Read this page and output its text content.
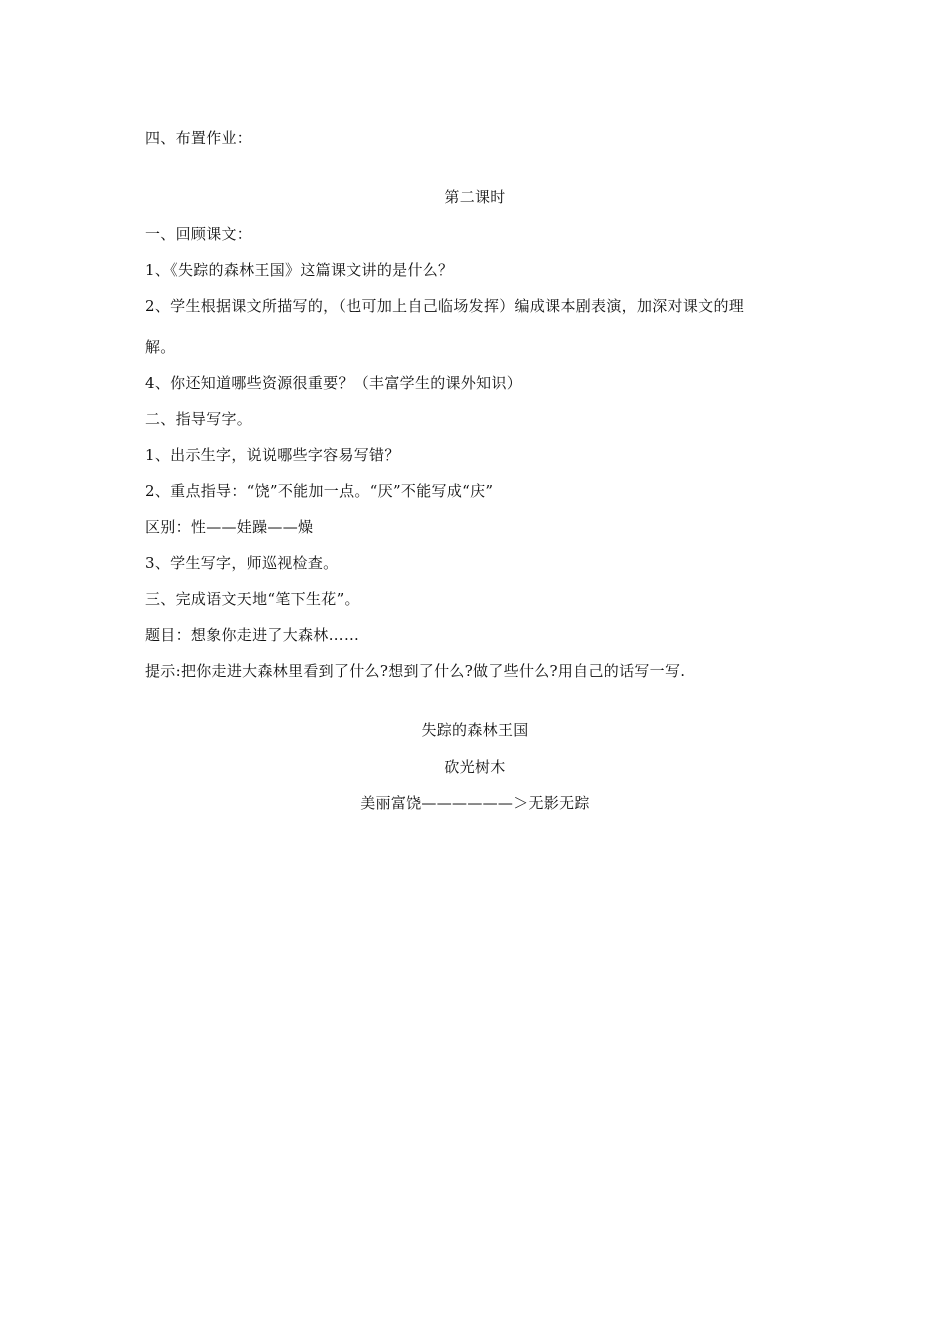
四、布置作业：
第二课时
一、回顾课文：
1、《失踪的森林王国》这篇课文讲的是什么？
2、学生根据课文所描写的，（也可加上自己临场发挥）编成课本剧表演，加深对课文的理
解。
4、你还知道哪些资源很重要？（丰富学生的课外知识）
二、指导写字。
1、出示生字，说说哪些字容易写错？
2、重点指导：“饶”不能加一点。“厌”不能写成“庆”
区别：性——娃躁——燥
3、学生写字，师巡视检查。
三、完成语文天地“笔下生花”。
题目：想象你走进了大森林……
提示:把你走进大森林里看到了什么?想到了什么?做了些什么?用自己的话写一写.
失踪的森林王国
砍光树木
美丽富饶——————＞无影无踪
